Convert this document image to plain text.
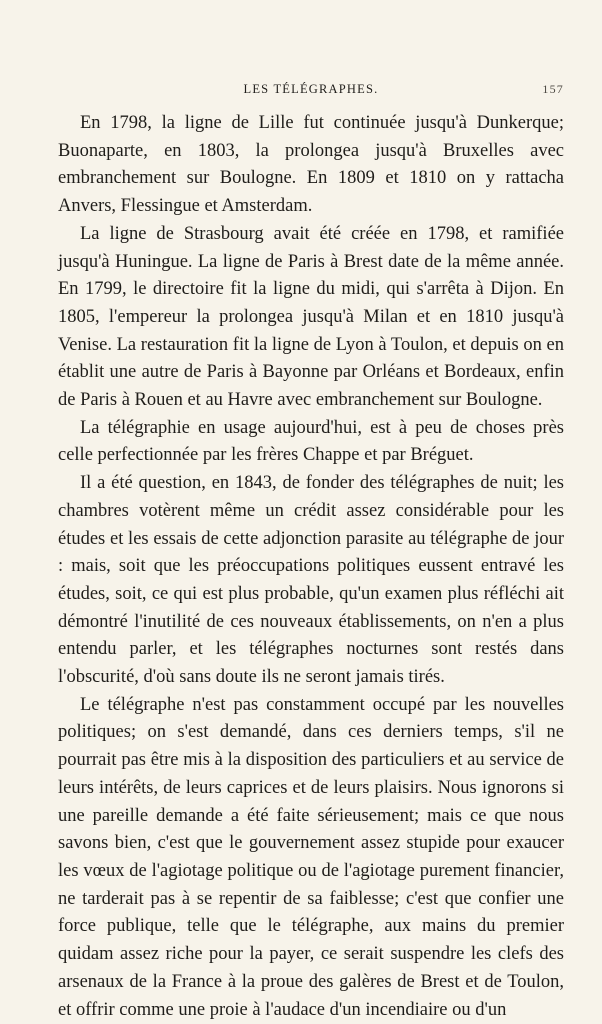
LES TÉLÉGRAPHES.	157

En 1798, la ligne de Lille fut continuée jusqu'à Dunkerque; Buonaparte, en 1803, la prolongea jusqu'à Bruxelles avec embranchement sur Boulogne. En 1809 et 1810 on y rattacha Anvers, Flessingue et Amsterdam.

La ligne de Strasbourg avait été créée en 1798, et ramifiée jusqu'à Huningue. La ligne de Paris à Brest date de la même année. En 1799, le directoire fit la ligne du midi, qui s'arrêta à Dijon. En 1805, l'empereur la prolongea jusqu'à Milan et en 1810 jusqu'à Venise. La restauration fit la ligne de Lyon à Toulon, et depuis on en établit une autre de Paris à Bayonne par Orléans et Bordeaux, enfin de Paris à Rouen et au Havre avec embranchement sur Boulogne.

La télégraphie en usage aujourd'hui, est à peu de choses près celle perfectionnée par les frères Chappe et par Bréguet.

Il a été question, en 1843, de fonder des télégraphes de nuit; les chambres votèrent même un crédit assez considérable pour les études et les essais de cette adjonction parasite au télégraphe de jour : mais, soit que les préoccupations politiques eussent entravé les études, soit, ce qui est plus probable, qu'un examen plus réfléchi ait démontré l'inutilité de ces nouveaux établissements, on n'en a plus entendu parler, et les télégraphes nocturnes sont restés dans l'obscurité, d'où sans doute ils ne seront jamais tirés.

Le télégraphe n'est pas constamment occupé par les nouvelles politiques; on s'est demandé, dans ces derniers temps, s'il ne pourrait pas être mis à la disposition des particuliers et au service de leurs intérêts, de leurs caprices et de leurs plaisirs. Nous ignorons si une pareille demande a été faite sérieusement; mais ce que nous savons bien, c'est que le gouvernement assez stupide pour exaucer les vœux de l'agiotage politique ou de l'agiotage purement financier, ne tarderait pas à se repentir de sa faiblesse; c'est que confier une force publique, telle que le télégraphe, aux mains du premier quidam assez riche pour la payer, ce serait suspendre les clefs des arsenaux de la France à la proue des galères de Brest et de Toulon, et offrir comme une proie à l'audace d'un incendiaire ou d'un
